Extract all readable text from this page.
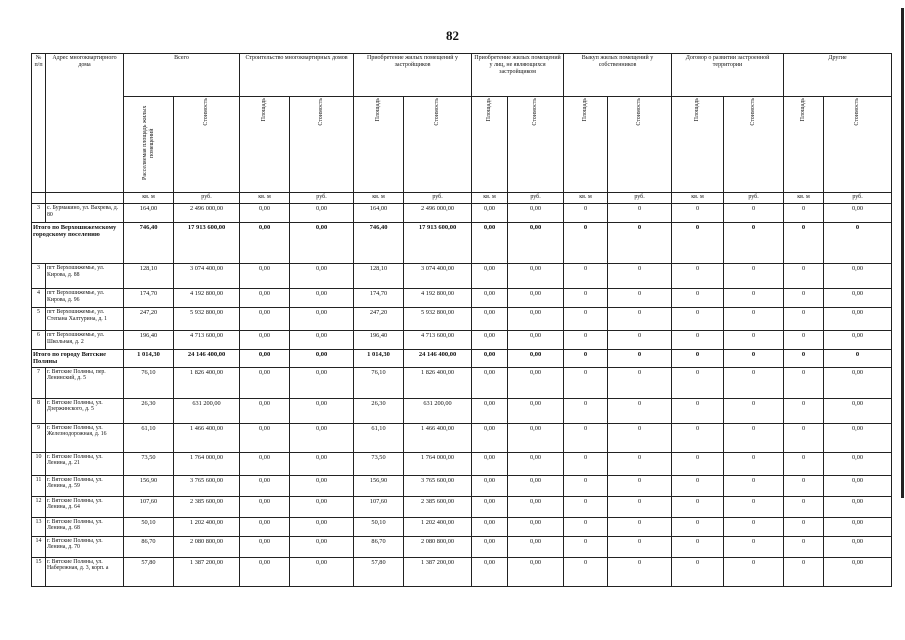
82
№ п/п	Адрес многоквартирного дома	Всего		Строительство многоквартирных домов		Приобретение жилых помещений у застройщиков		Приобретение жилых помещений у лиц, не являющихся застройщиком		Выкуп жилых помещений у собственников		Договор о развитии застроенной территории		Другие	
		Расселяемая площадь жилых помещений	Стоимость	Площадь	Стоимость	Площадь	Стоимость	Площадь	Стоимость	Площадь	Стоимость	Площадь	Стоимость	Площадь	Стоимость
		кв. м	руб.	кв. м	руб.	кв. м	руб.	кв. м	руб.	кв. м	руб.	кв. м	руб.	кв. м	руб.
3	с. Бурмакино, ул. Вахрева, д. 80	164,00	2 496 000,00	0,00	0,00	164,00	2 496 000,00	0,00	0,00	0	0	0	0	0	0,00
Итого по Верхошижемскому городскому поселению		746,40	17 913 600,00	0,00	0,00	746,40	17 913 600,00	0,00	0,00	0	0	0	0	0	0
3	пгт Верхошижемье, ул. Кирова, д. 88	128,10	3 074 400,00	0,00	0,00	128,10	3 074 400,00	0,00	0,00	0	0	0	0	0	0,00
4	пгт Верхошижемье, ул. Кирова, д. 96	174,70	4 192 800,00	0,00	0,00	174,70	4 192 800,00	0,00	0,00	0	0	0	0	0	0,00
5	пгт Верхошижемье, ул. Степана Халтурина, д. 1	247,20	5 932 800,00	0,00	0,00	247,20	5 932 800,00	0,00	0,00	0	0	0	0	0	0,00
6	пгт Верхошижемье, ул. Школьная, д. 2	196,40	4 713 600,00	0,00	0,00	196,40	4 713 600,00	0,00	0,00	0	0	0	0	0	0,00
Итого по городу Вятские Поляны		1 014,30	24 146 400,00	0,00	0,00	1 014,30	24 146 400,00	0,00	0,00	0	0	0	0	0	0
7	г. Вятские Поляны, пер. Ленинский, д. 5	76,10	1 826 400,00	0,00	0,00	76,10	1 826 400,00	0,00	0,00	0	0	0	0	0	0,00
8	г. Вятские Поляны, ул. Дзержинского, д. 5	26,30	631 200,00	0,00	0,00	26,30	631 200,00	0,00	0,00	0	0	0	0	0	0,00
9	г. Вятские Поляны, ул. Железнодорожная, д. 16	61,10	1 466 400,00	0,00	0,00	61,10	1 466 400,00	0,00	0,00	0	0	0	0	0	0,00
10	г. Вятские Поляны, ул. Ленина, д. 21	73,50	1 764 000,00	0,00	0,00	73,50	1 764 000,00	0,00	0,00	0	0	0	0	0	0,00
11	г. Вятские Поляны, ул. Ленина, д. 59	156,90	3 765 600,00	0,00	0,00	156,90	3 765 600,00	0,00	0,00	0	0	0	0	0	0,00
12	г. Вятские Поляны, ул. Ленина, д. 64	107,60	2 385 600,00	0,00	0,00	107,60	2 385 600,00	0,00	0,00	0	0	0	0	0	0,00
13	г. Вятские Поляны, ул. Ленина, д. 68	50,10	1 202 400,00	0,00	0,00	50,10	1 202 400,00	0,00	0,00	0	0	0	0	0	0,00
14	г. Вятские Поляны, ул. Ленина, д. 70	86,70	2 080 800,00	0,00	0,00	86,70	2 080 800,00	0,00	0,00	0	0	0	0	0	0,00
15	г. Вятские Поляны, ул. Набережная, д. 3, корп. а	57,80	1 387 200,00	0,00	0,00	57,80	1 387 200,00	0,00	0,00	0	0	0	0	0	0,00
